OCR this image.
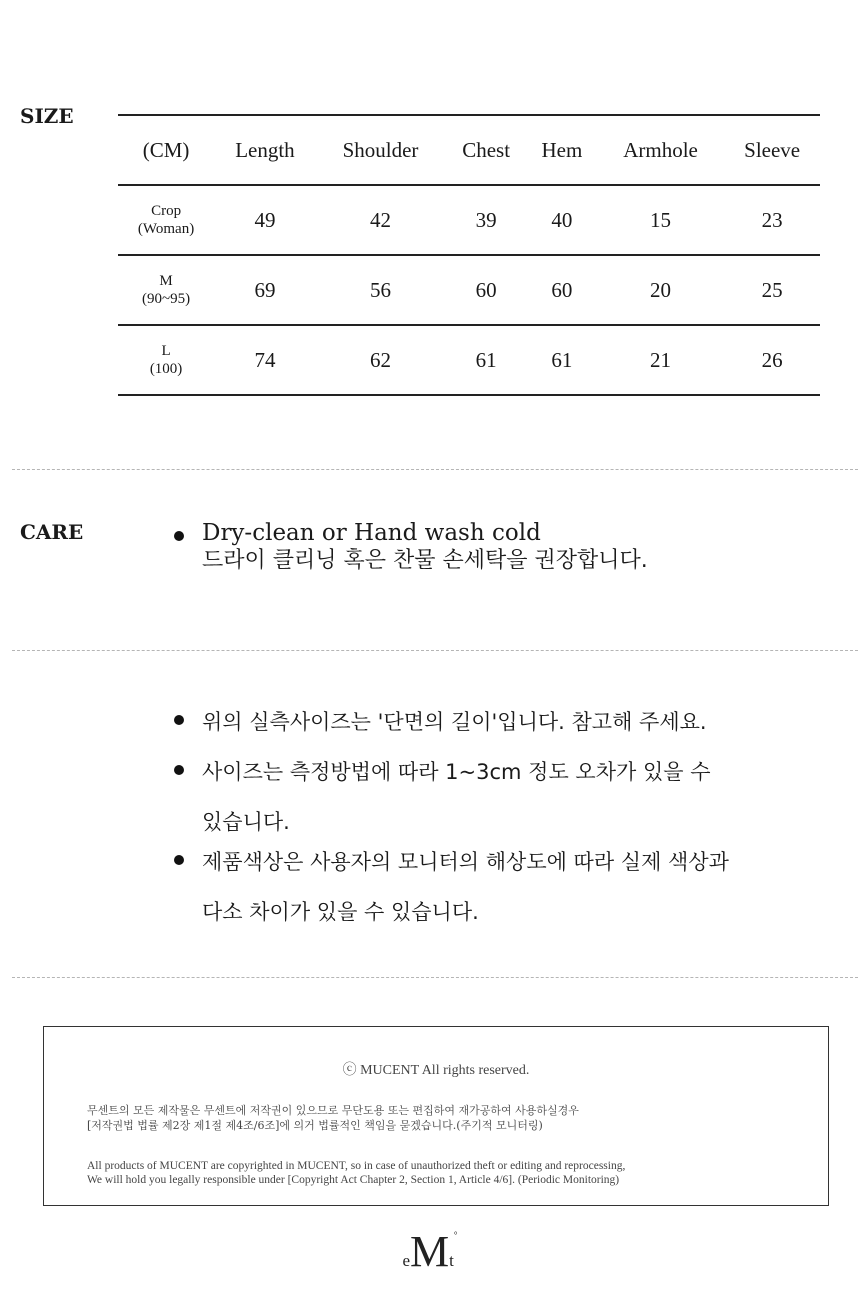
SIZE
(CM)	Length	Shoulder	Chest	Hem	Armhole	Sleeve

Crop
(Woman)	49	42	39	40	15	23

M
(90~95)	69	56	60	60	20	25

L
(100)	74	62	61	61	21	26
CARE	Dry-clean or Hand wash cold
드라이 클리닝 혹은 찬물 손세탁을 권장합니다.
위의 실측사이즈는 '단면의 길이'입니다. 참고해 주세요.
사이즈는 측정방법에 따라 1~3cm 정도 오차가 있을 수
있습니다.
제품색상은 사용자의 모니터의 해상도에 따라 실제 색상과
다소 차이가 있을 수 있습니다.
ⓒ MUCENT All rights reserved.
무센트의 모든 제작물은 무센트에 저작권이 있으므로 무단도용 또는 편집하여 재가공하여 사용하실경우
[저작권법 법률 제2장 제1절 제4조/6조]에 의거 법률적인 책임을 묻겠습니다.(주기적 모니터링)
All products of MUCENT are copyrighted in MUCENT, so in case of unauthorized theft or editing and reprocessing,
We will hold you legally responsible under [Copyright Act Chapter 2, Section 1, Article 4/6]. (Periodic Monitoring)
eMt°
